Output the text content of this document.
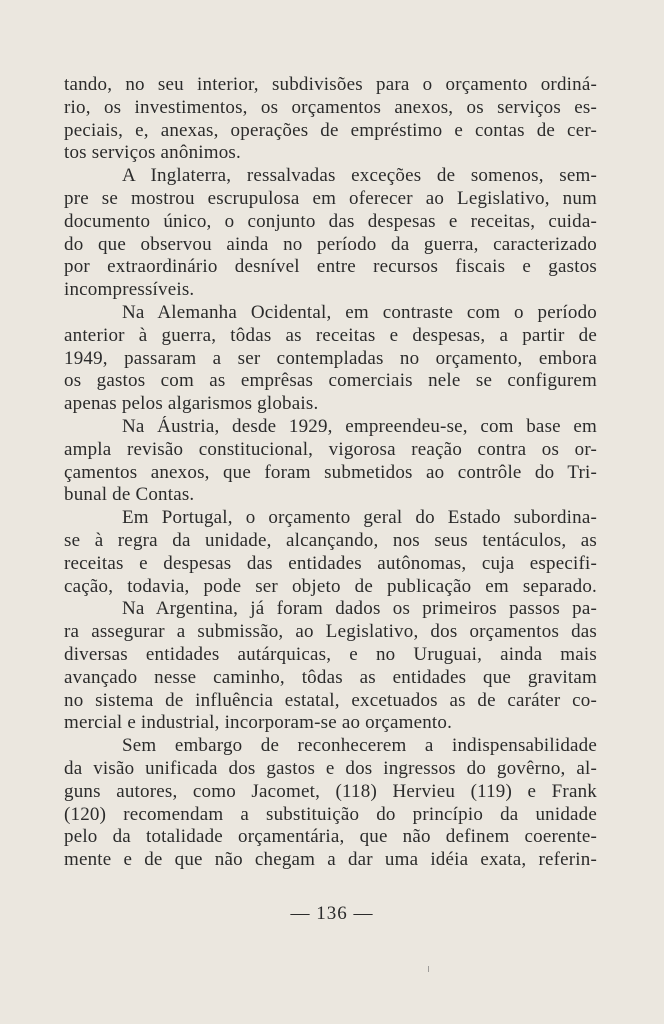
tando, no seu interior, subdivisões para o orçamento ordiná-
rio, os investimentos, os orçamentos anexos, os serviços es-
peciais, e, anexas, operações de empréstimo e contas de cer-
tos serviços anônimos.
A Inglaterra, ressalvadas exceções de somenos, sem-
pre se mostrou escrupulosa em oferecer ao Legislativo, num
documento único, o conjunto das despesas e receitas, cuida-
do que observou ainda no período da guerra, caracterizado
por extraordinário desnível entre recursos fiscais e gastos
incompressíveis.
Na Alemanha Ocidental, em contraste com o período
anterior à guerra, tôdas as receitas e despesas, a partir de
1949, passaram a ser contempladas no orçamento, embora
os gastos com as emprêsas comerciais nele se configurem
apenas pelos algarismos globais.
Na Áustria, desde 1929, empreendeu-se, com base em
ampla revisão constitucional, vigorosa reação contra os or-
çamentos anexos, que foram submetidos ao contrôle do Tri-
bunal de Contas.
Em Portugal, o orçamento geral do Estado subordina-
se à regra da unidade, alcançando, nos seus tentáculos, as
receitas e despesas das entidades autônomas, cuja especifi-
cação, todavia, pode ser objeto de publicação em separado.
Na Argentina, já foram dados os primeiros passos pa-
ra assegurar a submissão, ao Legislativo, dos orçamentos das
diversas entidades autárquicas, e no Uruguai, ainda mais
avançado nesse caminho, tôdas as entidades que gravitam
no sistema de influência estatal, excetuados as de caráter co-
mercial e industrial, incorporam-se ao orçamento.
Sem embargo de reconhecerem a indispensabilidade
da visão unificada dos gastos e dos ingressos do govêrno, al-
guns autores, como Jacomet, (118) Hervieu (119) e Frank
(120) recomendam a substituição do princípio da unidade
pelo da totalidade orçamentária, que não definem coerente-
mente e de que não chegam a dar uma idéia exata, referin-
— 136 —
